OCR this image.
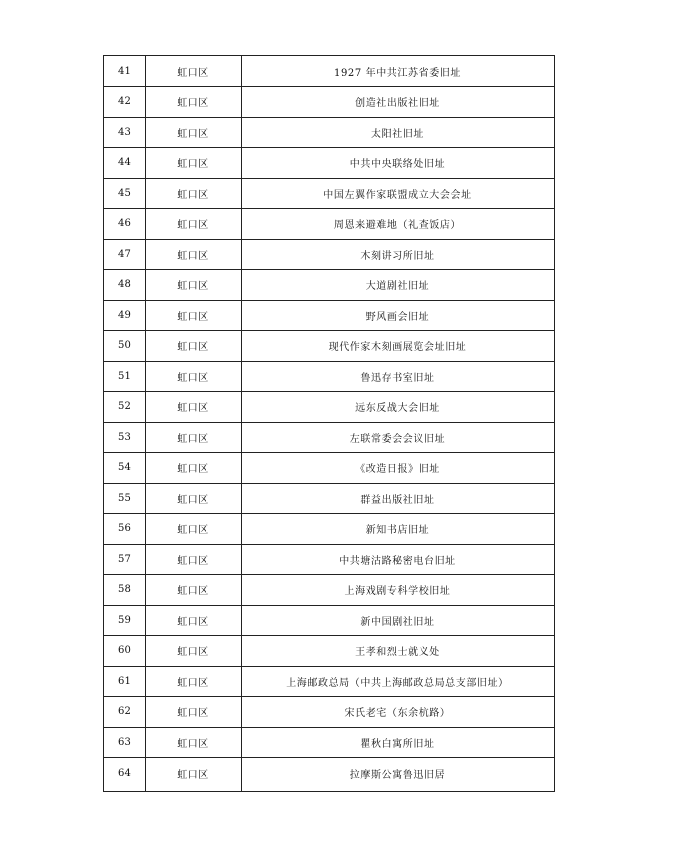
41	虹口区	1927 年中共江苏省委旧址
42	虹口区	创造社出版社旧址
43	虹口区	太阳社旧址
44	虹口区	中共中央联络处旧址
45	虹口区	中国左翼作家联盟成立大会会址
46	虹口区	周恩来避难地（礼查饭店）
47	虹口区	木刻讲习所旧址
48	虹口区	大道剧社旧址
49	虹口区	野风画会旧址
50	虹口区	现代作家木刻画展览会址旧址
51	虹口区	鲁迅存书室旧址
52	虹口区	远东反战大会旧址
53	虹口区	左联常委会会议旧址
54	虹口区	《改造日报》旧址
55	虹口区	群益出版社旧址
56	虹口区	新知书店旧址
57	虹口区	中共塘沽路秘密电台旧址
58	虹口区	上海戏剧专科学校旧址
59	虹口区	新中国剧社旧址
60	虹口区	王孝和烈士就义处
61	虹口区	上海邮政总局（中共上海邮政总局总支部旧址）
62	虹口区	宋氏老宅（东余杭路）
63	虹口区	瞿秋白寓所旧址
64	虹口区	拉摩斯公寓鲁迅旧居
